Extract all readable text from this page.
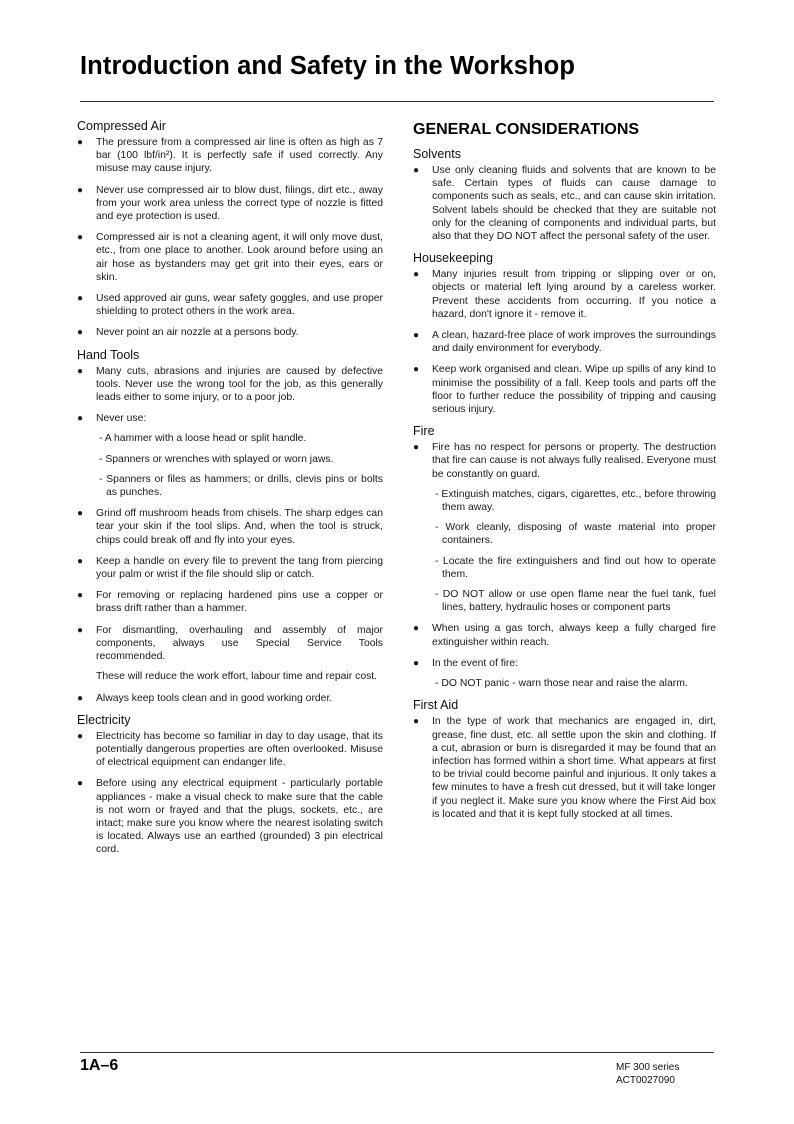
Introduction and Safety in the Workshop
Compressed Air
● The pressure from a compressed air line is often as high as 7 bar (100 lbf/in²). It is perfectly safe if used correctly. Any misuse may cause injury.
● Never use compressed air to blow dust, filings, dirt etc., away from your work area unless the correct type of nozzle is fitted and eye protection is used.
● Compressed air is not a cleaning agent, it will only move dust, etc., from one place to another. Look around before using an air hose as bystanders may get grit into their eyes, ears or skin.
● Used approved air guns, wear safety goggles, and use proper shielding to protect others in the work area.
● Never point an air nozzle at a persons body.
Hand Tools
● Many cuts, abrasions and injuries are caused by defective tools. Never use the wrong tool for the job, as this generally leads either to some injury, or to a poor job.
● Never use:
- A hammer with a loose head or split handle.
- Spanners or wrenches with splayed or worn jaws.
- Spanners or files as hammers; or drills, clevis pins or bolts as punches.
● Grind off mushroom heads from chisels. The sharp edges can tear your skin if the tool slips. And, when the tool is struck, chips could break off and fly into your eyes.
● Keep a handle on every file to prevent the tang from piercing your palm or wrist if the file should slip or catch.
● For removing or replacing hardened pins use a copper or brass drift rather than a hammer.
● For dismantling, overhauling and assembly of major components, always use Special Service Tools recommended.
These will reduce the work effort, labour time and repair cost.
● Always keep tools clean and in good working order.
Electricity
● Electricity has become so familiar in day to day usage, that its potentially dangerous properties are often overlooked. Misuse of electrical equipment can endanger life.
● Before using any electrical equipment - particularly portable appliances - make a visual check to make sure that the cable is not worn or frayed and that the plugs, sockets, etc., are intact; make sure you know where the nearest isolating switch is located. Always use an earthed (grounded) 3 pin electrical cord.
GENERAL CONSIDERATIONS
Solvents
● Use only cleaning fluids and solvents that are known to be safe. Certain types of fluids can cause damage to components such as seals, etc., and can cause skin irritation. Solvent labels should be checked that they are suitable not only for the cleaning of components and individual parts, but also that they DO NOT affect the personal safety of the user.
Housekeeping
● Many injuries result from tripping or slipping over or on, objects or material left lying around by a careless worker. Prevent these accidents from occurring. If you notice a hazard, don't ignore it - remove it.
● A clean, hazard-free place of work improves the surroundings and daily environment for everybody.
● Keep work organised and clean. Wipe up spills of any kind to minimise the possibility of a fall. Keep tools and parts off the floor to further reduce the possibility of tripping and causing serious injury.
Fire
● Fire has no respect for persons or property. The destruction that fire can cause is not always fully realised. Everyone must be constantly on guard.
- Extinguish matches, cigars, cigarettes, etc., before throwing them away.
- Work cleanly, disposing of waste material into proper containers.
- Locate the fire extinguishers and find out how to operate them.
- DO NOT allow or use open flame near the fuel tank, fuel lines, battery, hydraulic hoses or component parts
● When using a gas torch, always keep a fully charged fire extinguisher within reach.
● In the event of fire:
- DO NOT panic - warn those near and raise the alarm.
First Aid
● In the type of work that mechanics are engaged in, dirt, grease, fine dust, etc. all settle upon the skin and clothing. If a cut, abrasion or burn is disregarded it may be found that an infection has formed within a short time. What appears at first to be trivial could become painful and injurious. It only takes a few minutes to have a fresh cut dressed, but it will take longer if you neglect it. Make sure you know where the First Aid box is located and that it is kept fully stocked at all times.
1A–6	MF 300 series
ACT0027090
